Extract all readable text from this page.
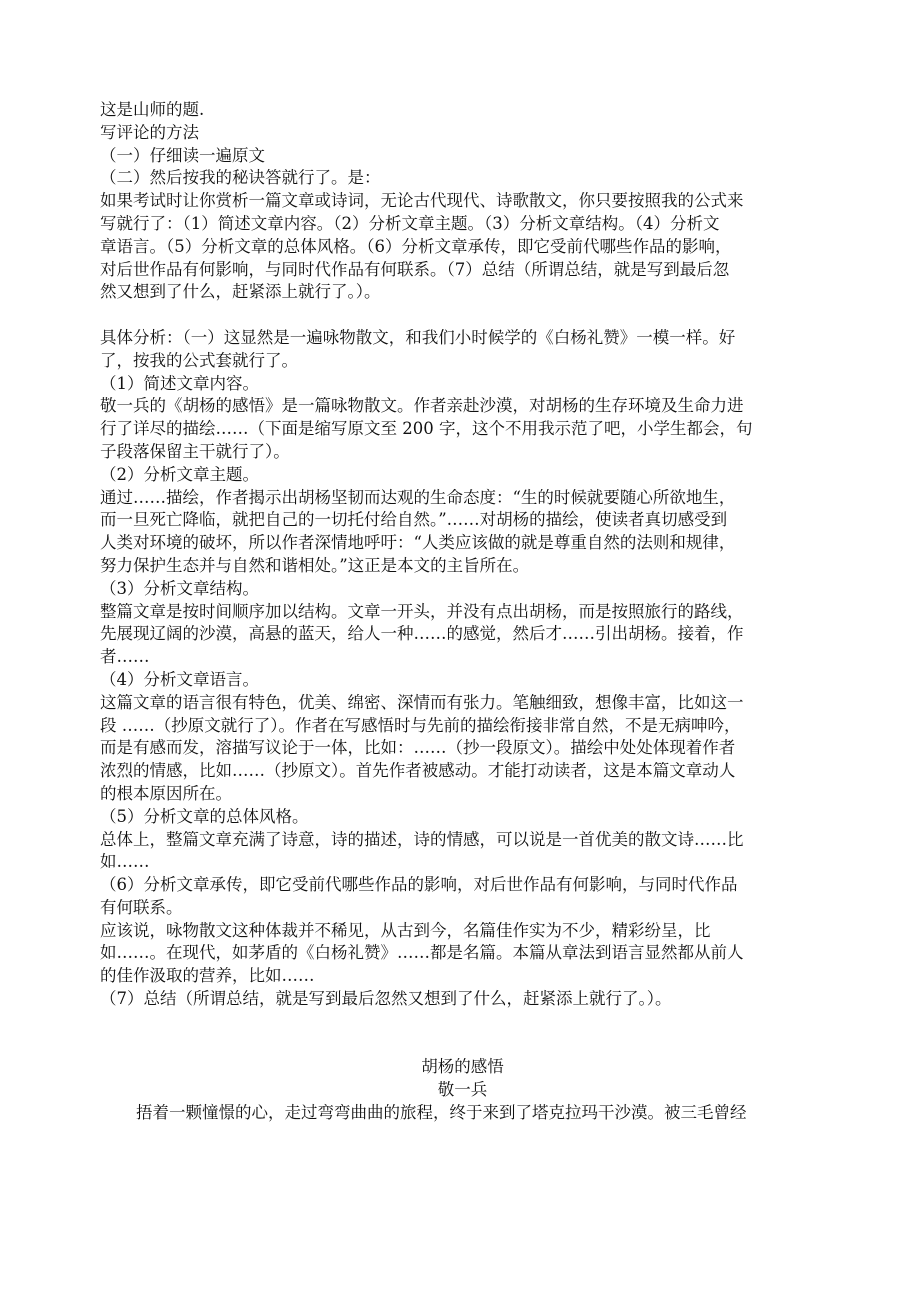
这是山师的题.
写评论的方法
（一）仔细读一遍原文
（二）然后按我的秘诀答就行了。是：
如果考试时让你赏析一篇文章或诗词，无论古代现代、诗歌散文，你只要按照我的公式来
写就行了：（1）简述文章内容。（2）分析文章主题。（3）分析文章结构。（4）分析文
章语言。（5）分析文章的总体风格。（6）分析文章承传，即它受前代哪些作品的影响，
对后世作品有何影响，与同时代作品有何联系。（7）总结（所谓总结，就是写到最后忽
然又想到了什么，赶紧添上就行了。）。
具体分析：（一）这显然是一遍咏物散文，和我们小时候学的《白杨礼赞》一模一样。好
了，按我的公式套就行了。
（1）简述文章内容。
敬一兵的《胡杨的感悟》是一篇咏物散文。作者亲赴沙漠，对胡杨的生存环境及生命力进
行了详尽的描绘……（下面是缩写原文至 200 字，这个不用我示范了吧，小学生都会，句
子段落保留主干就行了）。
（2）分析文章主题。
通过……描绘，作者揭示出胡杨坚韧而达观的生命态度：“生的时候就要随心所欲地生，
而一旦死亡降临，就把自己的一切托付给自然。”……对胡杨的描绘，使读者真切感受到
人类对环境的破坏，所以作者深情地呼吁：“人类应该做的就是尊重自然的法则和规律，
努力保护生态并与自然和谐相处。”这正是本文的主旨所在。
（3）分析文章结构。
整篇文章是按时间顺序加以结构。文章一开头，并没有点出胡杨，而是按照旅行的路线，
先展现辽阔的沙漠，高悬的蓝天，给人一种……的感觉，然后才……引出胡杨。接着，作
者……
（4）分析文章语言。
这篇文章的语言很有特色，优美、绵密、深情而有张力。笔触细致，想像丰富，比如这一
段 ……（抄原文就行了）。作者在写感悟时与先前的描绘衔接非常自然，不是无病呻吟，
而是有感而发，溶描写议论于一体，比如：……（抄一段原文）。描绘中处处体现着作者
浓烈的情感，比如……（抄原文）。首先作者被感动。才能打动读者，这是本篇文章动人
的根本原因所在。
（5）分析文章的总体风格。
总体上，整篇文章充满了诗意，诗的描述，诗的情感，可以说是一首优美的散文诗……比
如……
（6）分析文章承传，即它受前代哪些作品的影响，对后世作品有何影响，与同时代作品
有何联系。
应该说，咏物散文这种体裁并不稀见，从古到今，名篇佳作实为不少，精彩纷呈，比
如……。在现代，如茅盾的《白杨礼赞》……都是名篇。本篇从章法到语言显然都从前人
的佳作汲取的营养，比如……
（7）总结（所谓总结，就是写到最后忽然又想到了什么，赶紧添上就行了。）。
胡杨的感悟
敬一兵
捂着一颗憧憬的心，走过弯弯曲曲的旅程，终于来到了塔克拉玛干沙漠。被三毛曾经
